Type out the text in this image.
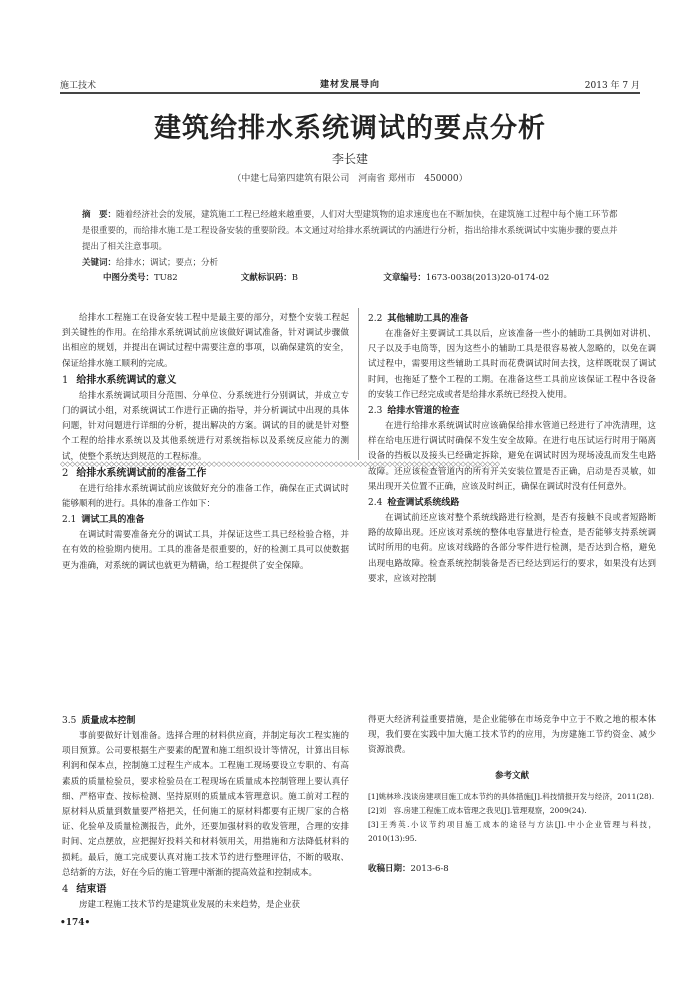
施工技术	建材发展导向	2013 年 7 月
建筑给排水系统调试的要点分析
李长建
（中建七局第四建筑有限公司　河南省 郑州市　450000）
摘　要：随着经济社会的发展，建筑施工工程已经越来越重要，人们对大型建筑物的追求速度也在不断加快，在建筑施工过程中每个施工环节都是很重要的，而给排水施工是工程设备安装的重要阶段。本文通过对给排水系统调试的内涵进行分析，指出给排水系统调试中实施步骤的要点并提出了相关注意事项。
关键词：给排水；调试；要点；分析
中图分类号：TU82	文献标识码：B	文章编号：1673-0038(2013)20-0174-02

给排水工程施工在设备安装工程中是最主要的部分，对整个安装工程起到关键性的作用。在给排水系统调试前应该做好调试准备，针对调试步骤做出相应的规划，并提出在调试过程中需要注意的事项，以确保建筑的安全，保证给排水施工顺利的完成。

1 给排水系统调试的意义

给排水系统调试项目分范围、分单位、分系统进行分别调试，并成立专门的调试小组，对系统调试工作进行正确的指导，并分析调试中出现的具体问题，针对问题进行详细的分析，提出解决的方案。调试的目的就是针对整个工程的给排水系统以及其他系统进行对系统指标以及系统反应能力的测试，使整个系统达到规范的工程标准。

2 给排水系统调试前的准备工作

在进行给排水系统调试前应该做好充分的准备工作，确保在正式调试时能够顺利的进行。具体的准备工作如下：

2.1 调试工具的准备

在调试时需要准备充分的调试工具，并保证这些工具已经检验合格，并在有效的检验期内使用。工具的准备是很重要的，好的检测工具可以使数据更为准确，对系统的调试也就更为精确，给工程提供了安全保障。

2.2 其他辅助工具的准备

在准备好主要调试工具以后，应该准备一些小的辅助工具例如对讲机、尺子以及手电筒等，因为这些小的辅助工具是很容易被人忽略的，以免在调试过程中，需要用这些辅助工具时而花费调试时间去找，这样既耽误了调试时间，也拖延了整个工程的工期。在准备这些工具前应该保证工程中各设备的安装工作已经完成或者是给排水系统已经投入使用。

2.3 给排水管道的检查

在进行给排水系统调试时应该确保给排水管道已经进行了冲洗清理，这样在给电压进行调试时确保不发生安全故障。在进行电压试运行时用于隔离设备的挡板以及接头已经确定拆除，避免在调试时因为现场凌乱而发生电路故障。还应该检查管道内的所有开关安装位置是否正确，启动是否灵敏，如果出现开关位置不正确，应该及时纠正，确保在调试时没有任何意外。

2.4 检查调试系统线路

在调试前还应该对整个系统线路进行检测，是否有接触不良或者短路断路的故障出现。还应该对系统的整体电容量进行检查，是否能够支持系统调试时所用的电荷。应该对线路的各部分零件进行检测，是否达到合格，避免出现电路故障。检查系统控制装备是否已经达到运行的要求，如果没有达到要求，应该对控制

◇◇◇◇◇◇◇◇◇◇◇◇◇◇◇◇◇◇◇◇◇◇◇◇◇◇◇◇◇◇◇◇◇◇◇◇◇◇◇◇◇◇◇◇◇◇◇◇◇◇◇◇◇◇◇◇◇◇◇◇◇◇◇◇◇◇◇◇◇◇◇◇◇◇◇◇◇◇◇◇◇◇◇◇◇◇◇◇◇◇
3.5 质量成本控制

事前要做好计划准备。选择合理的材料供应商，并制定每次工程实施的项目预算。公司要根据生产要素的配置和施工组织设计等情况，计算出目标利润和保本点，控制施工过程生产成本。工程施工现场要设立专职的、有高素质的质量检验员，要求检验员在工程现场在质量成本控制管理上要认真仔细、严格审查、按标检测、坚持原则的质量成本管理意识。施工前对工程的原材料从质量到数量要严格把关，任何施工的原材料都要有正规厂家的合格证、化验单及质量检测报告，此外，还要加强材料的收发管理，合理的安排时间、定点摆放，应把握好投料关和材料领用关，用措施和方法降低材料的损耗。最后，施工完成要认真对施工技术节约进行整理评估，不断的吸取、总结新的方法，好在今后的施工管理中渐渐的提高效益和控制成本。

4 结束语

房建工程施工技术节约是建筑业发展的未来趋势，是企业获

得更大经济利益重要措施，是企业能够在市场竞争中立于不败之地的根本体现，我们要在实践中加大施工技术节约的应用，为房建施工节约资金、减少资源浪费。

参考文献

[1]姚林珍.浅谈房建项目施工成本节约的具体措施[J].科技情报开发与经济，2011(28).

[2]刘　容.房建工程施工成本管理之我见[J].管理观察，2009(24).

[3]王秀英.小议节约项目施工成本的途径与方法[J].中小企业管理与科技，2010(13):95.

收稿日期：2013-6-8
•174•
